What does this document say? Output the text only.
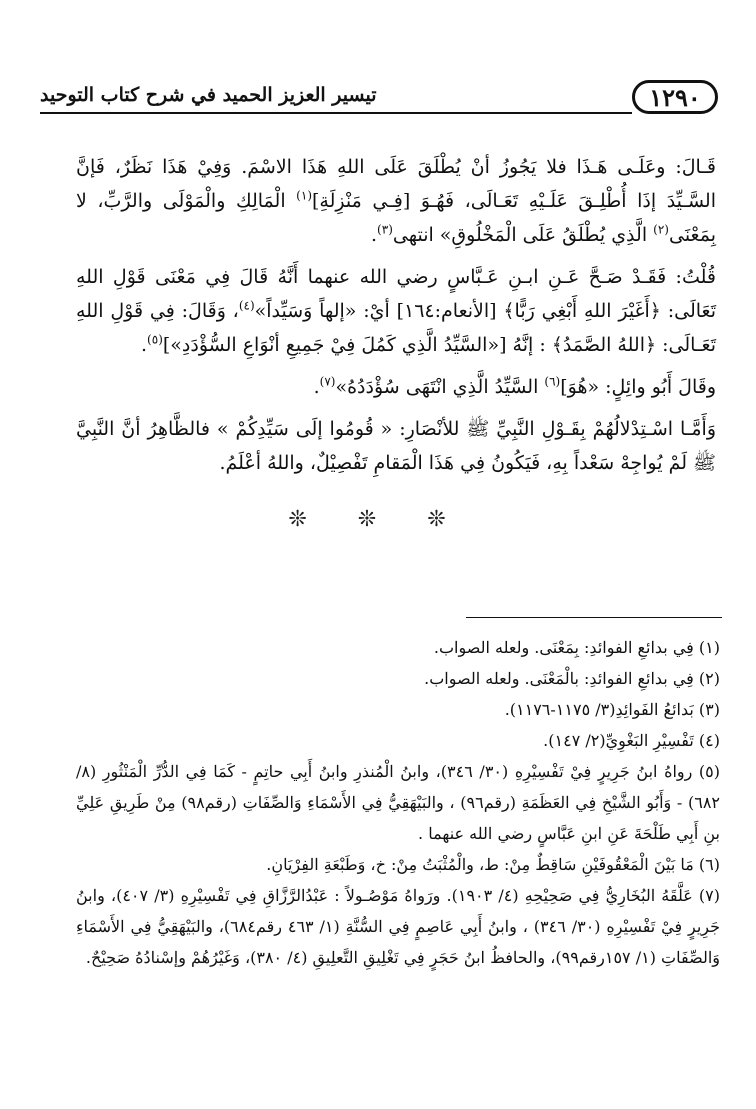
١٢٩٠
تيسير العزيز الحميد في شرح كتاب التوحيد

قَـالَ: وعَلَـى هَـذَا فلا يَجُوزُ أنْ يُطْلَقَ عَلَى اللهِ هَذَا الاسْمَ. وَفِيْ هَذَا نَظَرٌ، فَإنَّ السَّـيِّدَ إذَا أُطْلِـقَ عَلَـيْهِ تَعَـالَى، فَهُـوَ [فِـي مَنْزِلَةِ]$^{(١)}$ الْمَالِكِ والْمَوْلَى والرَّبِّ، لا بِمَعْنَى$^{(٢)}$ الَّذِي يُطْلَقُ عَلَى الْمَخْلُوقِ» انتهى$^{(٣)}$.

قُلْتُ: فَقَـدْ صَـحَّ عَـنِ ابـنِ عَـبَّاسٍ رضي الله عنهما أَنَّهُ قَالَ فِي مَعْنَى قَوْلِ اللهِ تَعَالَى: ﴿أَغَيْرَ اللهِ أَبْغِي رَبًّا﴾ [الأنعام:١٦٤] أيْ: «إلهاً وَسَيِّداً»$^{(٤)}$، وَقَالَ: فِي قَوْلِ اللهِ تَعَـالَى: ﴿اللهُ الصَّمَدُ﴾ : إنَّهُ [«السَّيِّدُ الَّذِي كَمُلَ فِيْ جَمِيعِ أنْوَاعِ السُّؤْدَدِ»]$^{(٥)}$.

وقَالَ أَبُو وائِلٍ: «هُوَ]$^{(٦)}$ السَّيِّدُ الَّذِي انْتَهَى سُؤْدَدُهُ»$^{(٧)}$.

وَأَمَّـا اسْـتِدْلالُهُمْ بِقَـوْلِ النَّبِيِّ ﷺ للأنْصَارِ: « قُومُوا إلَى سَيِّدِكُمْ » فالظَّاهِرُ أنَّ النَّبِيَّ ﷺ لَمْ يُواجِهْ سَعْداً بِهِ، فَيَكُونُ فِي هَذَا الْمَقامِ تَفْصِيْلٌ، واللهُ أعْلَمُ.

❊ ❊ ❊

(١) فِي بدائعِ الفوائدِ: بِمَعْنَى. ولعله الصواب.

(٢) فِي بدائعِ الفوائدِ: بالْمَعْنَى. ولعله الصواب.

(٣) بَدائعُ الفَوائِدِ(٣/ ١١٧٥-١١٧٦).

(٤) تَفْسِيْرِ البَغْوِيِّ(٢/ ١٤٧).

(٥) رواهُ ابنُ جَرِيرٍ فِيْ تَفْسِيْرِهِ (٣٠/ ٣٤٦)، وابنُ الْمُنذرِ وابنُ أَبِي حاتِمٍ - كَمَا فِي الدُّرِّ الْمَنْثُورِ (٨/ ٦٨٢) - وَأَبُو الشَّيْخِ فِي العَظَمَةِ (رقم٩٦) ، والبَيْهَقِيُّ فِي الأَسْمَاءِ وَالصِّفَاتِ (رقم٩٨) مِنْ طَرِيقِ عَلِيِّ بنِ أَبِي طَلْحَةَ عَنِ ابنِ عَبَّاسٍ رضي الله عنهما .

(٦) مَا بَيْنَ الْمَعْقُوفَيْنِ سَاقِطٌ مِنْ: ط، والْمُثْبَتُ مِنْ: خ، وَطَبْعَةِ الفِرْيَانِ.

(٧) عَلَّقَهُ البُخَارِيُّ فِي صَحِيْحِهِ (٤/ ١٩٠٣). ورَواهُ مَوْصُـولاً : عَبْدُالرَّزَّاقِ فِي تَفْسِيْرِهِ (٣/ ٤٠٧)، وابنُ جَرِيرٍ فِيْ تَفْسِيْرِهِ (٣٠/ ٣٤٦) ، وابنُ أَبِي عَاصِمٍ فِي السُّنَّةِ (١/ ٤٦٣ رقم٦٨٤)، والبَيْهَقِيُّ فِي الأَسْمَاءِ وَالصِّفَاتِ (١/ ١٥٧رقم٩٩)، والحافظُ ابنُ حَجَرٍ فِي تَغْلِيقِ التَّعلِيقِ (٤/ ٣٨٠)، وَغَيْرُهُمْ وإسْنادُهُ صَحِيْحٌ.
